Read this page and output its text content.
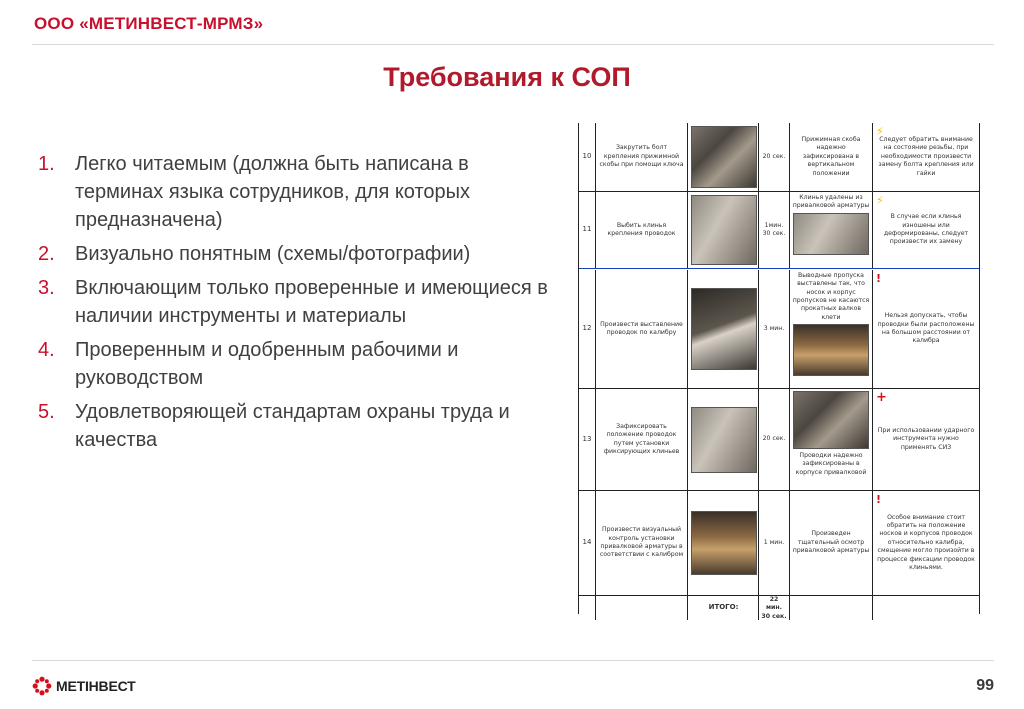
ООО «МЕТИНВЕСТ-МРМЗ»
Требования к СОП
1. Легко читаемым (должна быть написана в терминах языка сотрудников, для которых предназначена)
2. Визуально понятным (схемы/фотографии)
3. Включающим только проверенные и имеющиеся в наличии инструменты и материалы
4. Проверенным и одобренным рабочими и руководством
5. Удовлетворяющей стандартам охраны труда и качества
10
Закрутить болт крепления прижимной скобы при помощи ключа
20 сек.
Прижимная скоба надежно зафиксирована в вертикальном положении
⚡
Следует обратить внимание на состояние резьбы, при необходимости произвести замену болта крепления или гайки
11
Выбить клинья крепления проводок
1мин. 30 сек.
Клинья удалены из привалковой арматуры ⚡
В случае если клинья изношены или деформированы, следует произвести их замену
12
Произвести выставление проводок по калибру
3 мин.
Выводные пропуска выставлены так, что носок и корпус пропусков не касаются прокатных валков клети
!
Нельзя допускать, чтобы проводки были расположены на большом расстоянии от калибра
13
Зафиксировать положение проводок путем установки фиксирующих клиньев
20 сек.
Проводки надежно зафиксированы в корпусе привалковой
+
При использовании ударного инструмента нужно применять СИЗ
14
Произвести визуальный контроль установки привалковой арматуры в соответствии с калибром
1 мин.
Произведен тщательный осмотр привалковой арматуры
!
Особое внимание стоит обратить на положение носков и корпусов проводок относительно калибра, смещение могло произойти в процессе фиксации проводок клиньями.
ИТОГО:
22 мин. 30 сек.
МЕТІНВЕСТ	99
